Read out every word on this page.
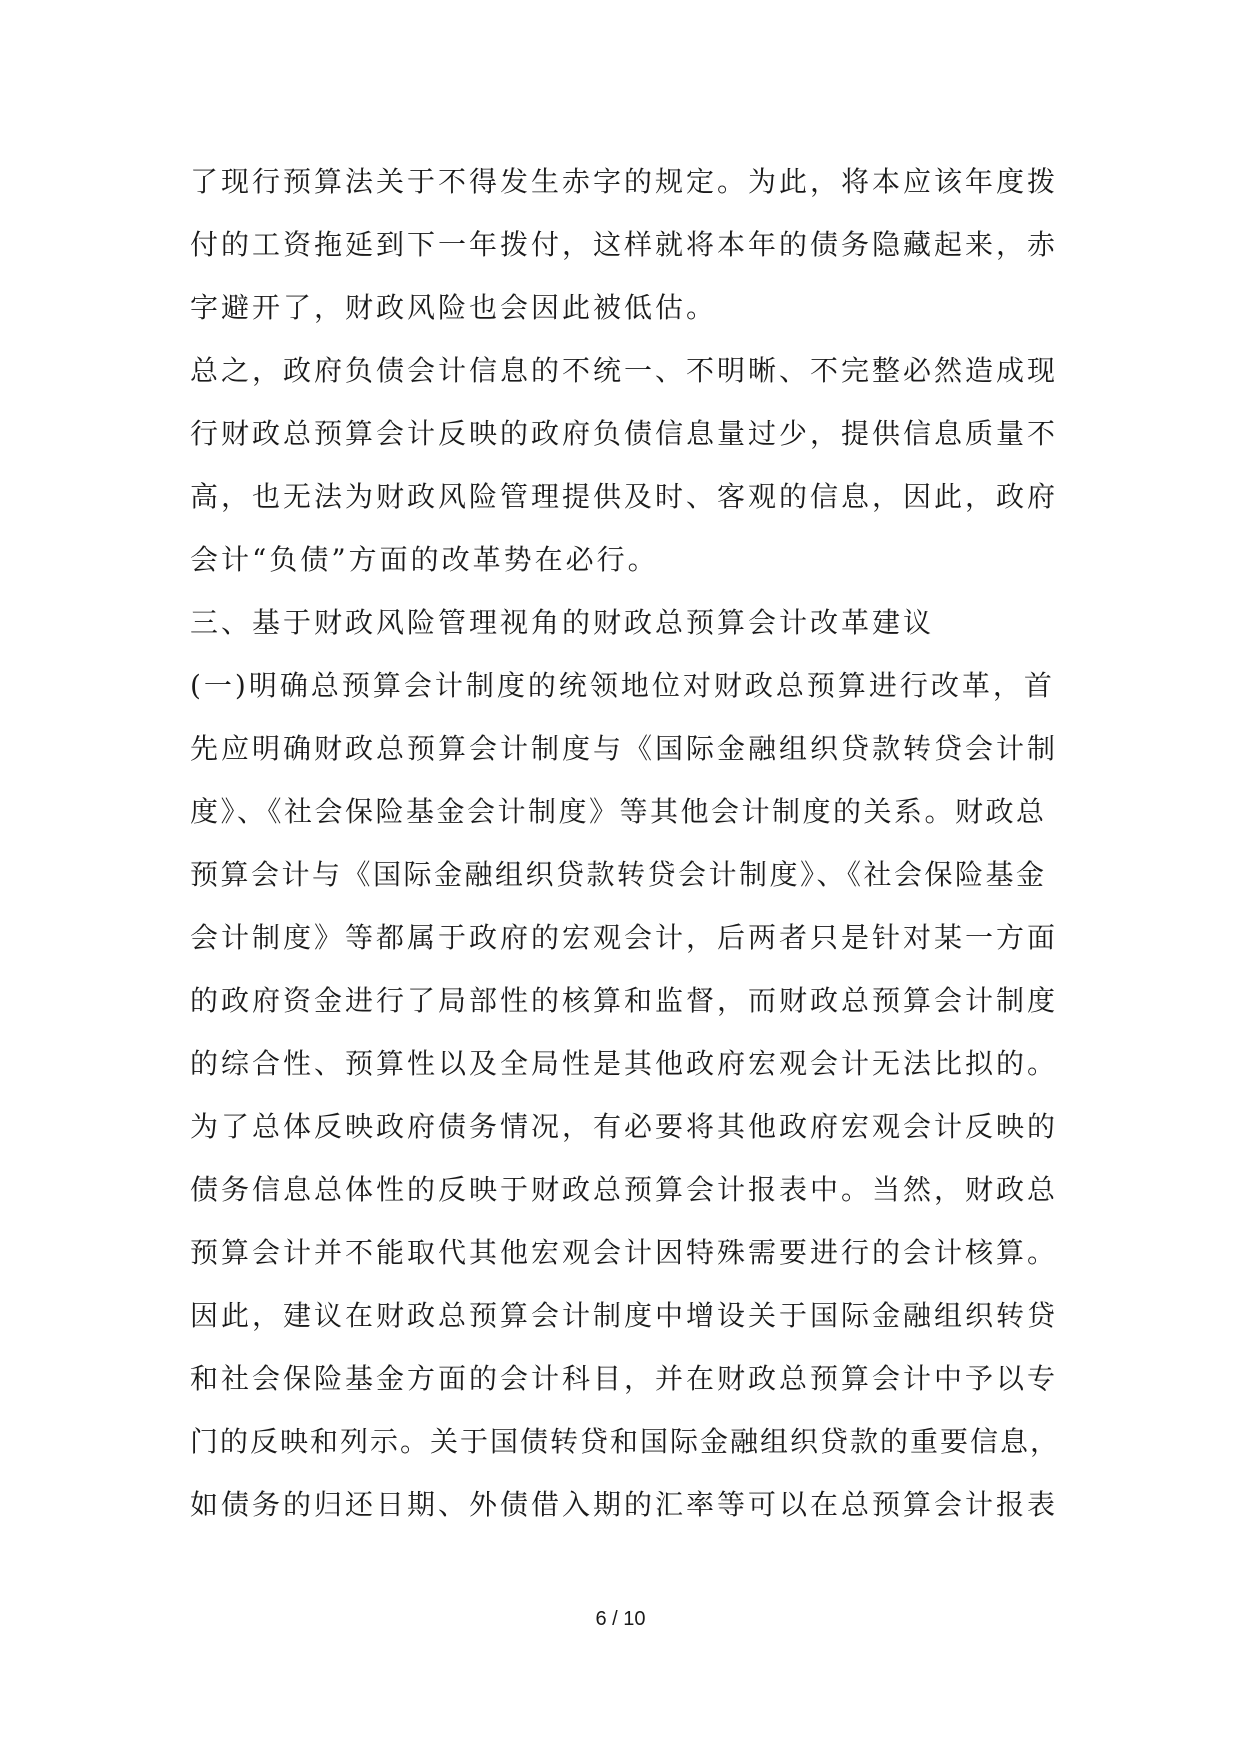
了现行预算法关于不得发生赤字的规定。为此，将本应该年度拨
付的工资拖延到下一年拨付，这样就将本年的债务隐藏起来，赤
字避开了，财政风险也会因此被低估。
总之，政府负债会计信息的不统一、不明晰、不完整必然造成现
行财政总预算会计反映的政府负债信息量过少，提供信息质量不
高，也无法为财政风险管理提供及时、客观的信息，因此，政府
会计“负债”方面的改革势在必行。
三、基于财政风险管理视角的财政总预算会计改革建议
(一)明确总预算会计制度的统领地位对财政总预算进行改革，首
先应明确财政总预算会计制度与《国际金融组织贷款转贷会计制
度》、《社会保险基金会计制度》等其他会计制度的关系。财政总
预算会计与《国际金融组织贷款转贷会计制度》、《社会保险基金
会计制度》等都属于政府的宏观会计，后两者只是针对某一方面
的政府资金进行了局部性的核算和监督，而财政总预算会计制度
的综合性、预算性以及全局性是其他政府宏观会计无法比拟的。
为了总体反映政府债务情况，有必要将其他政府宏观会计反映的
债务信息总体性的反映于财政总预算会计报表中。当然，财政总
预算会计并不能取代其他宏观会计因特殊需要进行的会计核算。
因此，建议在财政总预算会计制度中增设关于国际金融组织转贷
和社会保险基金方面的会计科目，并在财政总预算会计中予以专
门的反映和列示。关于国债转贷和国际金融组织贷款的重要信息，
如债务的归还日期、外债借入期的汇率等可以在总预算会计报表
6 / 10
